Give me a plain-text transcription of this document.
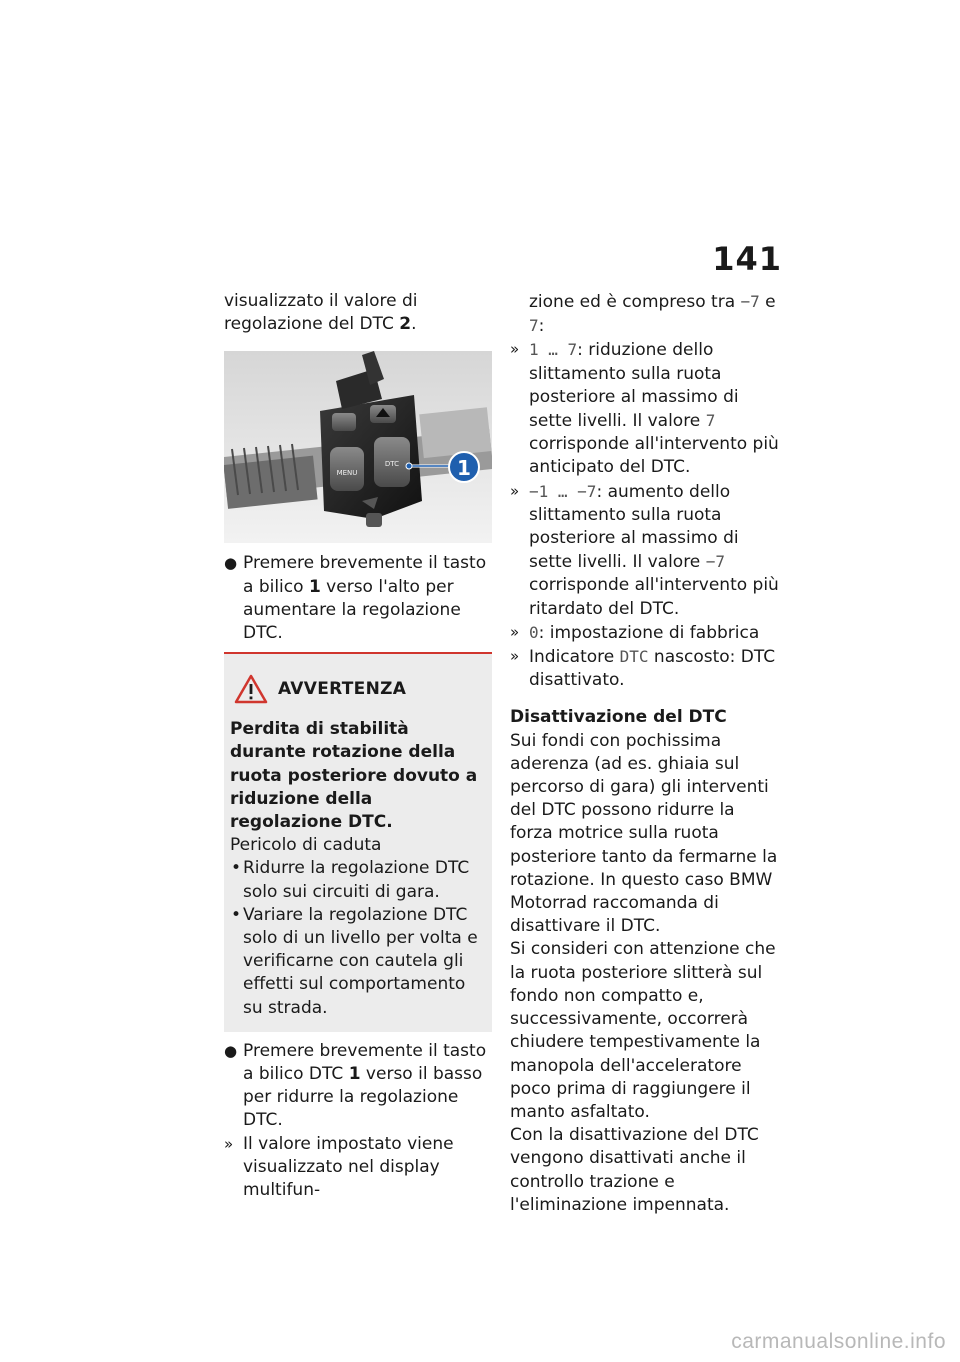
141

visualizzato il valore di regolazione del DTC 2.

MENU
DTC	1
● Premere brevemente il tasto a bilico 1 verso l'alto per aumentare la regolazione DTC.
AVVERTENZA
Perdita di stabilità durante rotazione della ruota posteriore dovuto a riduzione della regolazione DTC.
Pericolo di caduta
• Ridurre la regolazione DTC solo sui circuiti di gara.
• Variare la regolazione DTC solo di un livello per volta e verificarne con cautela gli effetti sul comportamento su strada.
● Premere brevemente il tasto a bilico DTC 1 verso il basso per ridurre la regolazione DTC.
» Il valore impostato viene visualizzato nel display multifun-

zione ed è compreso tra −7 e 7:

» 1 … 7: riduzione dello slittamento sulla ruota posteriore al massimo di sette livelli. Il valore 7 corrisponde all'intervento più anticipato del DTC.
» −1 … −7: aumento dello slittamento sulla ruota posteriore al massimo di sette livelli. Il valore −7 corrisponde all'intervento più ritardato del DTC.
» 0: impostazione di fabbrica
» Indicatore DTC nascosto: DTC disattivato.
Disattivazione del DTC

Sui fondi con pochissima aderenza (ad es. ghiaia sul percorso di gara) gli interventi del DTC possono ridurre la forza motrice sulla ruota posteriore tanto da fermarne la rotazione. In questo caso BMW Motorrad raccomanda di disattivare il DTC.

Si consideri con attenzione che la ruota posteriore slitterà sul fondo non compatto e, successivamente, occorrerà chiudere tempestivamente la manopola dell'acceleratore poco prima di raggiungere il manto asfaltato.

Con la disattivazione del DTC vengono disattivati anche il controllo trazione e l'eliminazione impennata.

carmanualsonline.info
